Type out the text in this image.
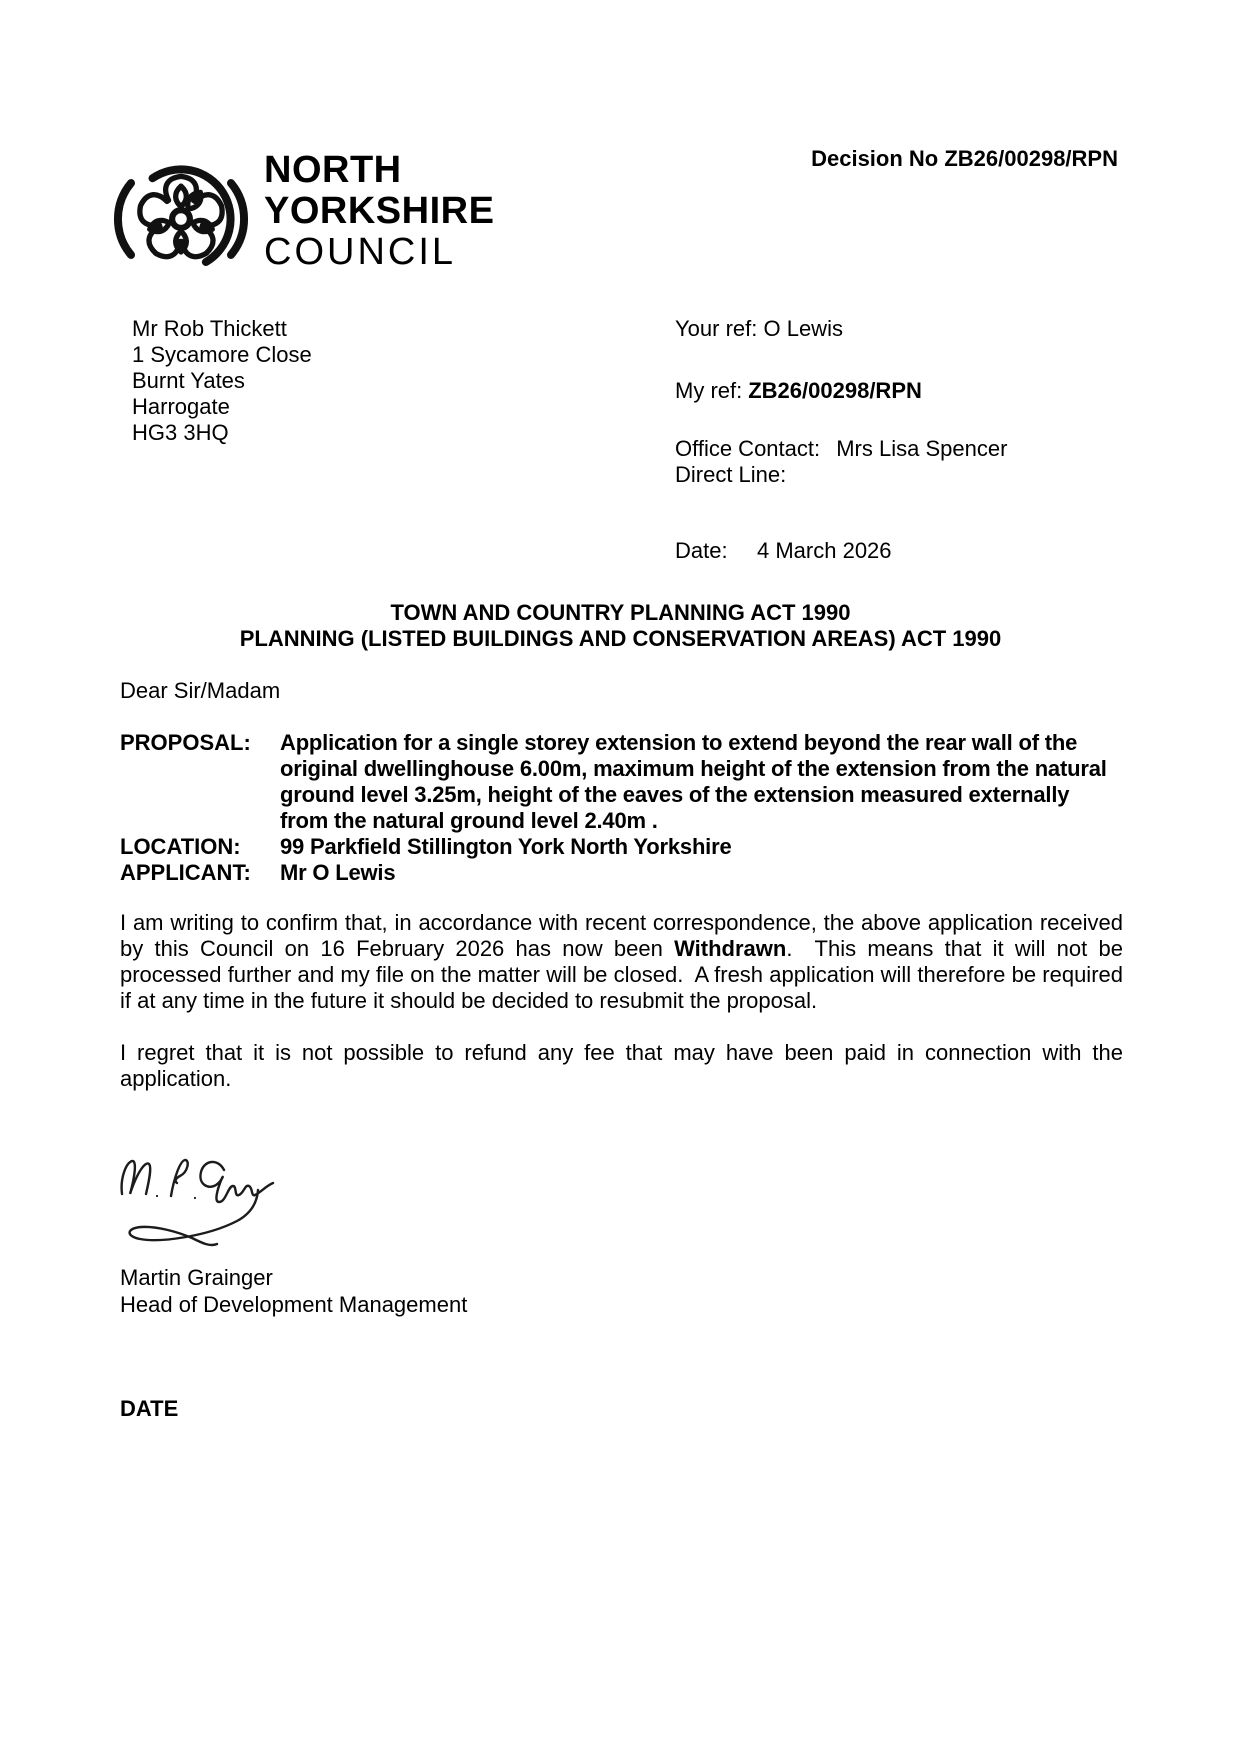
NORTH
YORKSHIRE
COUNCIL
Decision No ZB26/00298/RPN
Mr Rob Thickett
1 Sycamore Close
Burnt Yates
Harrogate
HG3 3HQ
Your ref: O Lewis
My ref: ZB26/00298/RPN
Office Contact: Mrs Lisa Spencer
Direct Line:
Date: 4 March 2026
TOWN AND COUNTRY PLANNING ACT 1990
PLANNING (LISTED BUILDINGS AND CONSERVATION AREAS) ACT 1990
Dear Sir/Madam
PROPOSAL:	Application for a single storey extension to extend beyond the rear wall of the original dwellinghouse 6.00m, maximum height of the extension from the natural ground level 3.25m, height of the eaves of the extension measured externally from the natural ground level 2.40m .
LOCATION:	99 Parkfield Stillington York North Yorkshire
APPLICANT:	Mr O Lewis
I am writing to confirm that, in accordance with recent correspondence, the above application received by this Council on 16 February 2026 has now been Withdrawn.  This means that it will not be processed further and my file on the matter will be closed.  A fresh application will therefore be required if at any time in the future it should be decided to resubmit the proposal.
I regret that it is not possible to refund any fee that may have been paid in connection with the application.
Martin Grainger
Head of Development Management
DATE
